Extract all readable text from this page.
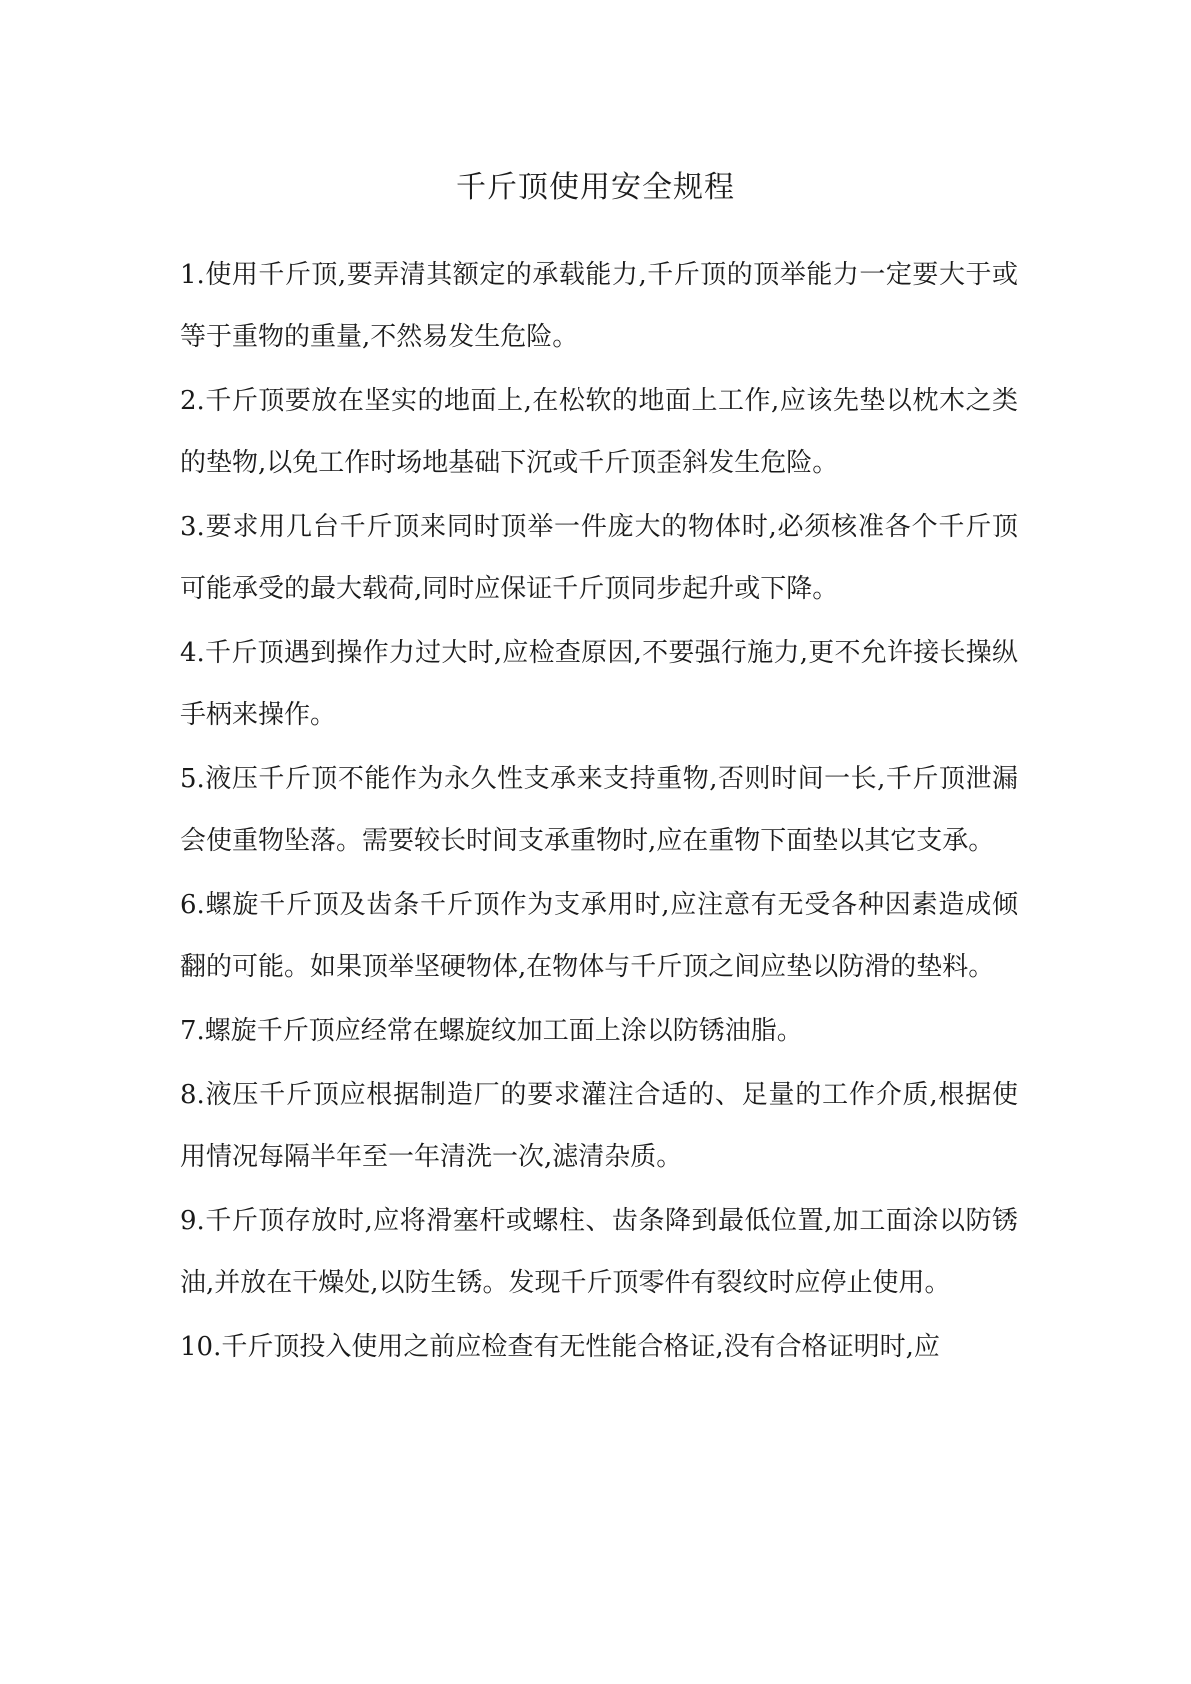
千斤顶使用安全规程

1.使用千斤顶,要弄清其额定的承载能力,千斤顶的顶举能力一定要大于或等于重物的重量,不然易发生危险。

2.千斤顶要放在坚实的地面上,在松软的地面上工作,应该先垫以枕木之类的垫物,以免工作时场地基础下沉或千斤顶歪斜发生危险。

3.要求用几台千斤顶来同时顶举一件庞大的物体时,必须核准各个千斤顶可能承受的最大载荷,同时应保证千斤顶同步起升或下降。

4.千斤顶遇到操作力过大时,应检查原因,不要强行施力,更不允许接长操纵手柄来操作。

5.液压千斤顶不能作为永久性支承来支持重物,否则时间一长,千斤顶泄漏会使重物坠落。需要较长时间支承重物时,应在重物下面垫以其它支承。

6.螺旋千斤顶及齿条千斤顶作为支承用时,应注意有无受各种因素造成倾翻的可能。如果顶举坚硬物体,在物体与千斤顶之间应垫以防滑的垫料。

7.螺旋千斤顶应经常在螺旋纹加工面上涂以防锈油脂。

8.液压千斤顶应根据制造厂的要求灌注合适的、足量的工作介质,根据使用情况每隔半年至一年清洗一次,滤清杂质。

9.千斤顶存放时,应将滑塞杆或螺柱、齿条降到最低位置,加工面涂以防锈油,并放在干燥处,以防生锈。发现千斤顶零件有裂纹时应停止使用。

10.千斤顶投入使用之前应检查有无性能合格证,没有合格证明时,应
